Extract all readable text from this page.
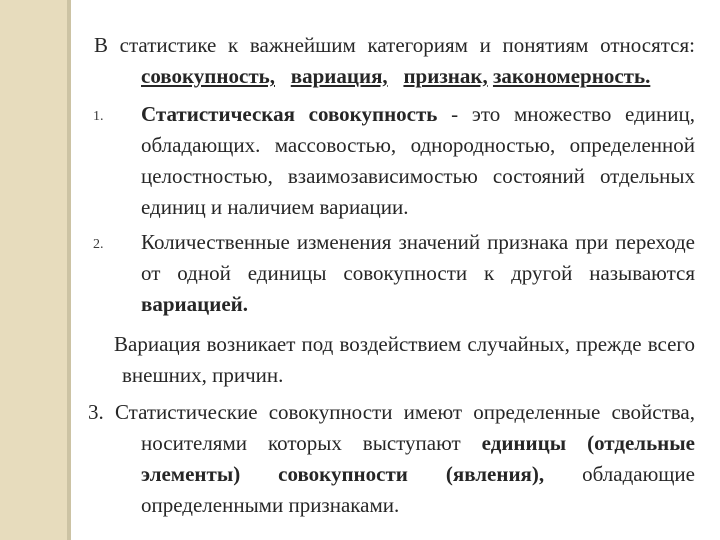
В статистике к важнейшим категориям и понятиям относятся: совокупность, вариация, признак, закономерность.
1. Статистическая совокупность - это множество единиц, обладающих. массовостью, однородностью, определенной целостностью, взаимозависимостью состояний отдельных единиц и наличием вариации.
2. Количественные изменения значений признака при переходе от одной единицы совокупности к другой называются вариацией.
Вариация возникает под воздействием случайных, прежде всего внешних, причин.
3. Статистические совокупности имеют определенные свойства, носителями которых выступают единицы (отдельные элементы) совокупности (явления), обладающие определенными признаками.
